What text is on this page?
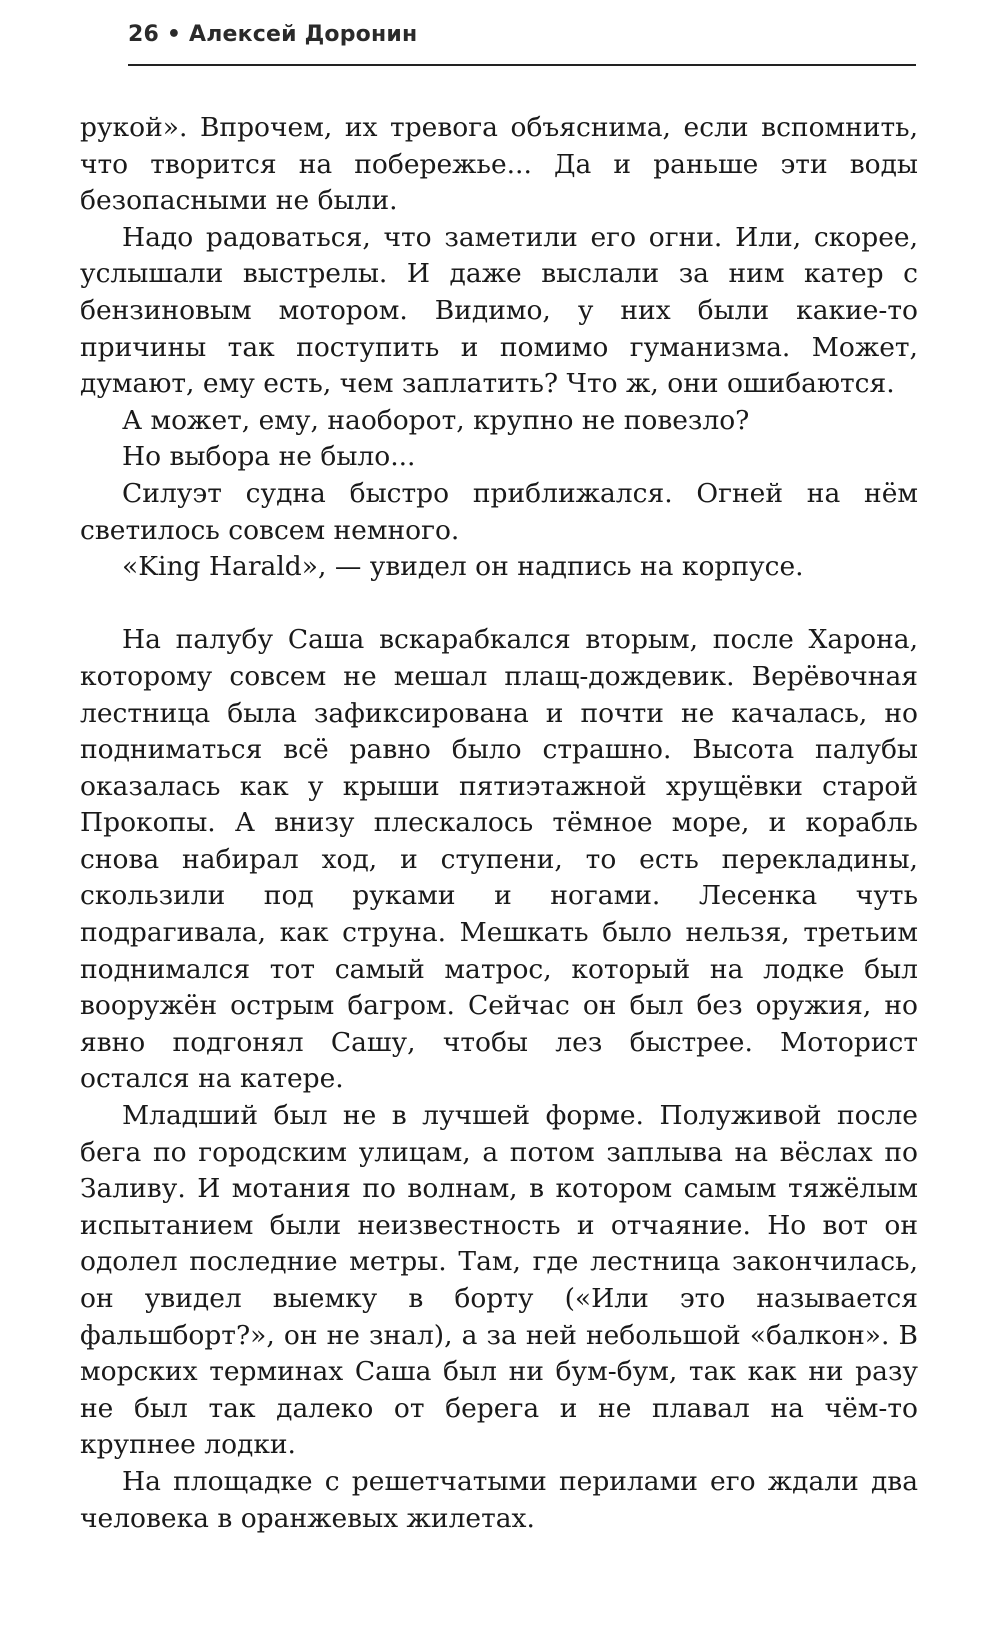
26 • Алексей Доронин

рукой». Впрочем, их тревога объяснима, если вспомнить, что творится на побережье... Да и раньше эти воды безопасными не были.

Надо радоваться, что заметили его огни. Или, скорее, услышали выстрелы. И даже выслали за ним катер с бензиновым мотором. Видимо, у них были какие-то причины так поступить и помимо гуманизма. Может, думают, ему есть, чем заплатить? Что ж, они ошибаются.

А может, ему, наоборот, крупно не повезло?

Но выбора не было...

Силуэт судна быстро приближался. Огней на нём светилось совсем немного.

«King Harald», — увидел он надпись на корпусе.

На палубу Саша вскарабкался вторым, после Харона, которому совсем не мешал плащ-дождевик. Верёвочная лестница была зафиксирована и почти не качалась, но подниматься всё равно было страшно. Высота палубы оказалась как у крыши пятиэтажной хрущёвки старой Прокопы. А внизу плескалось тёмное море, и корабль снова набирал ход, и ступени, то есть перекладины, скользили под руками и ногами. Лесенка чуть подрагивала, как струна. Мешкать было нельзя, третьим поднимался тот самый матрос, который на лодке был вооружён острым багром. Сейчас он был без оружия, но явно подгонял Сашу, чтобы лез быстрее. Моторист остался на катере.

Младший был не в лучшей форме. Полуживой после бега по городским улицам, а потом заплыва на вёслах по Заливу. И мотания по волнам, в котором самым тяжёлым испытанием были неизвестность и отчаяние. Но вот он одолел последние метры. Там, где лестница закончилась, он увидел выемку в борту («Или это называется фальшборт?», он не знал), а за ней небольшой «балкон». В морских терминах Саша был ни бум-бум, так как ни разу не был так далеко от берега и не плавал на чём-то крупнее лодки.

На площадке с решетчатыми перилами его ждали два человека в оранжевых жилетах.
